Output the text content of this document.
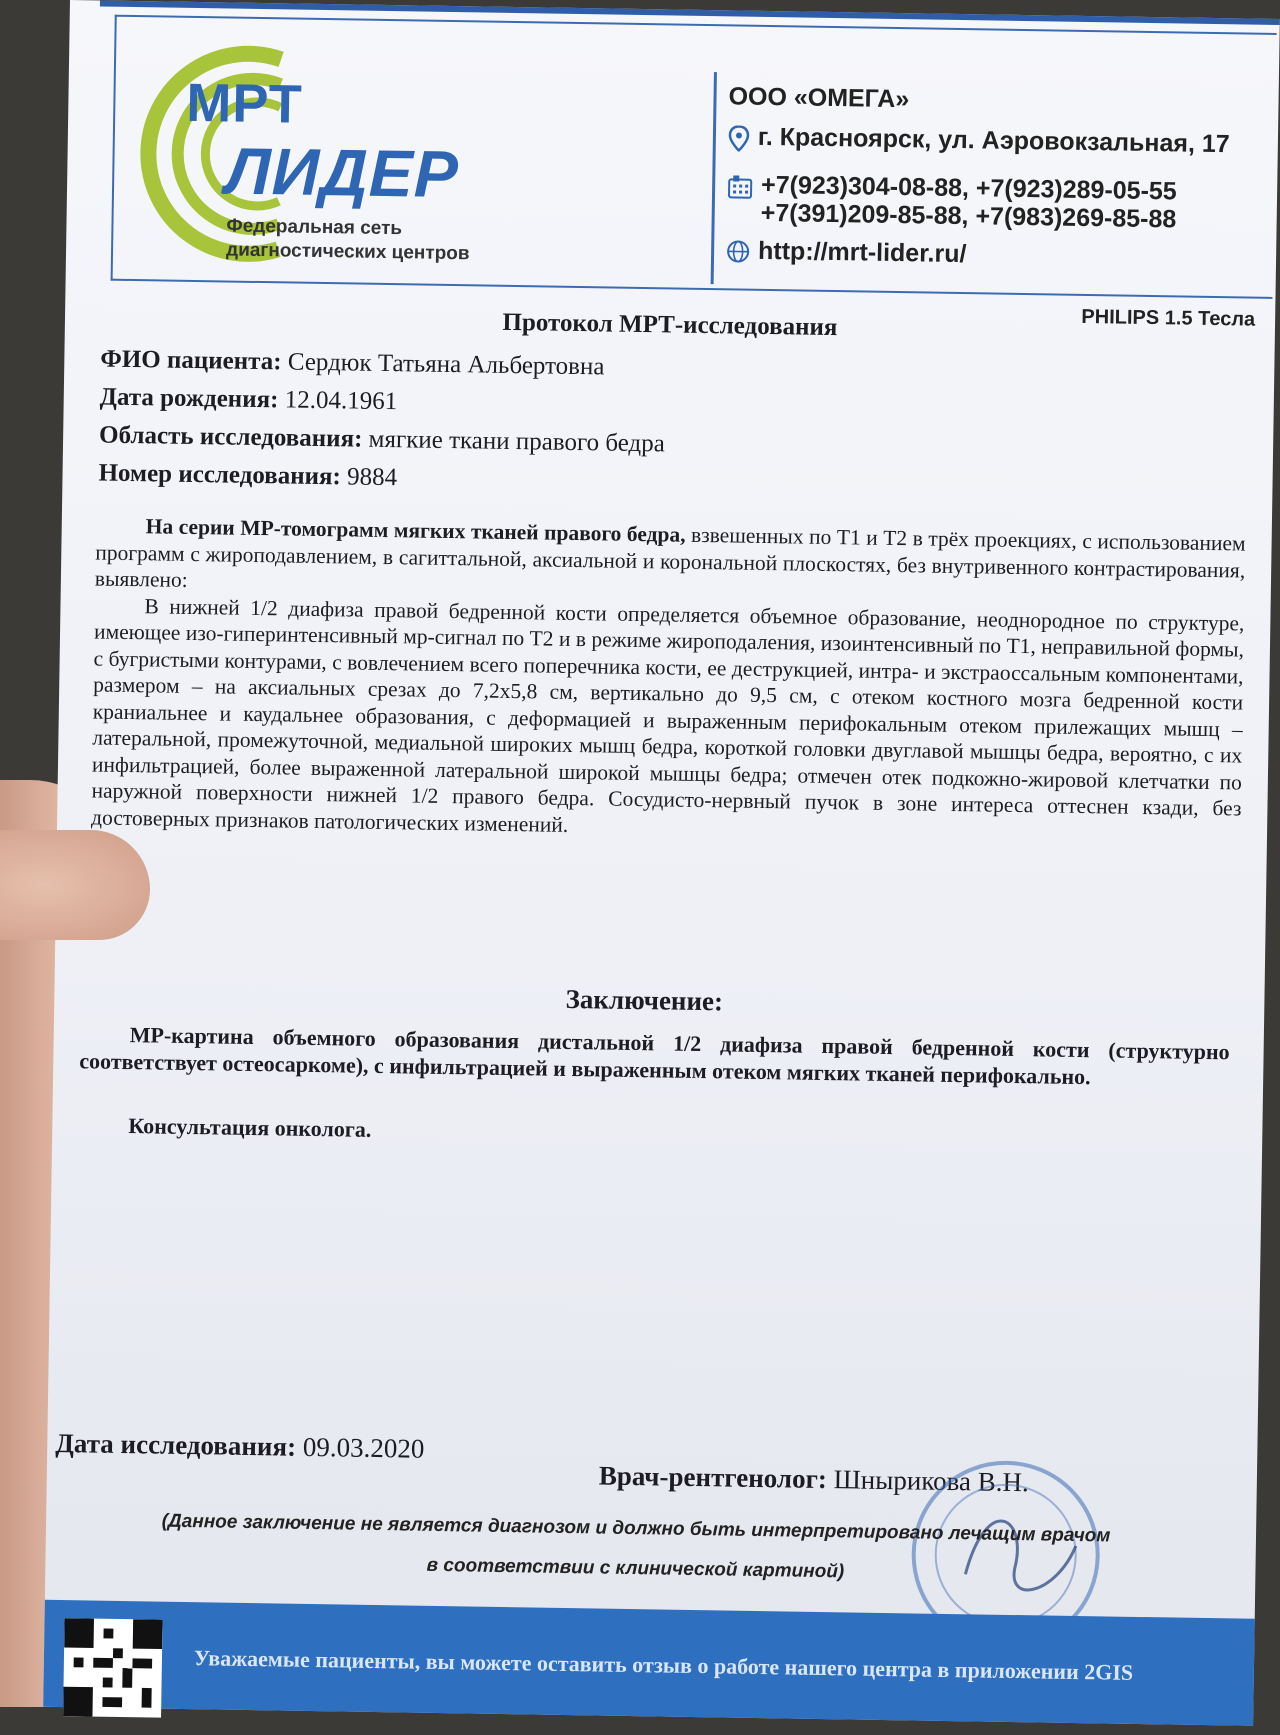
МРТ
ЛИДЕР
Федеральная сеть диагностических центров
ООО «ОМЕГА»
г. Красноярск, ул. Аэровокзальная, 17
+7(923)304-08-88, +7(923)289-05-55
+7(391)209-85-88, +7(983)269-85-88
http://mrt-lider.ru/
PHILIPS 1.5 Тесла
Протокол МРТ-исследования
ФИО пациента: Сердюк Татьяна Альбертовна
Дата рождения: 12.04.1961
Область исследования: мягкие ткани правого бедра
Номер исследования: 9884

На серии МР-томограмм мягких тканей правого бедра, взвешенных по Т1 и Т2 в трёх проекциях, с использованием программ с жироподавлением, в сагиттальной, аксиальной и корональной плоскостях, без внутривенного контрастирования, выявлено:

В нижней 1/2 диафиза правой бедренной кости определяется объемное образование, неоднородное по структуре, имеющее изо-гиперинтенсивный мр-сигнал по Т2 и в режиме жироподаления, изоинтенсивный по Т1, неправильной формы, с бугристыми контурами, с вовлечением всего поперечника кости, ее деструкцией, интра- и экстраоссальным компонентами, размером – на аксиальных срезах до 7,2х5,8 см, вертикально до 9,5 см, с отеком костного мозга бедренной кости краниальнее и каудальнее образования, с деформацией и выраженным перифокальным отеком прилежащих мышц – латеральной, промежуточной, медиальной широких мышц бедра, короткой головки двуглавой мышцы бедра, вероятно, с их инфильтрацией, более выраженной латеральной широкой мышцы бедра; отмечен отек подкожно-жировой клетчатки по наружной поверхности нижней 1/2 правого бедра. Сосудисто-нервный пучок в зоне интереса оттеснен кзади, без достоверных признаков патологических изменений.

Заключение:

МР-картина объемного образования дистальной 1/2 диафиза правой бедренной кости (структурно соответствует остеосаркоме), с инфильтрацией и выраженным отеком мягких тканей перифокально.

Консультация онколога.
Дата исследования: 09.03.2020
Врач-рентгенолог: Шнырикова В.Н.
(Данное заключение не является диагнозом и должно быть интерпретировано лечащим врачом
в соответствии с клинической картиной)
Уважаемые пациенты, вы можете оставить отзыв о работе нашего центра в приложении 2GIS
